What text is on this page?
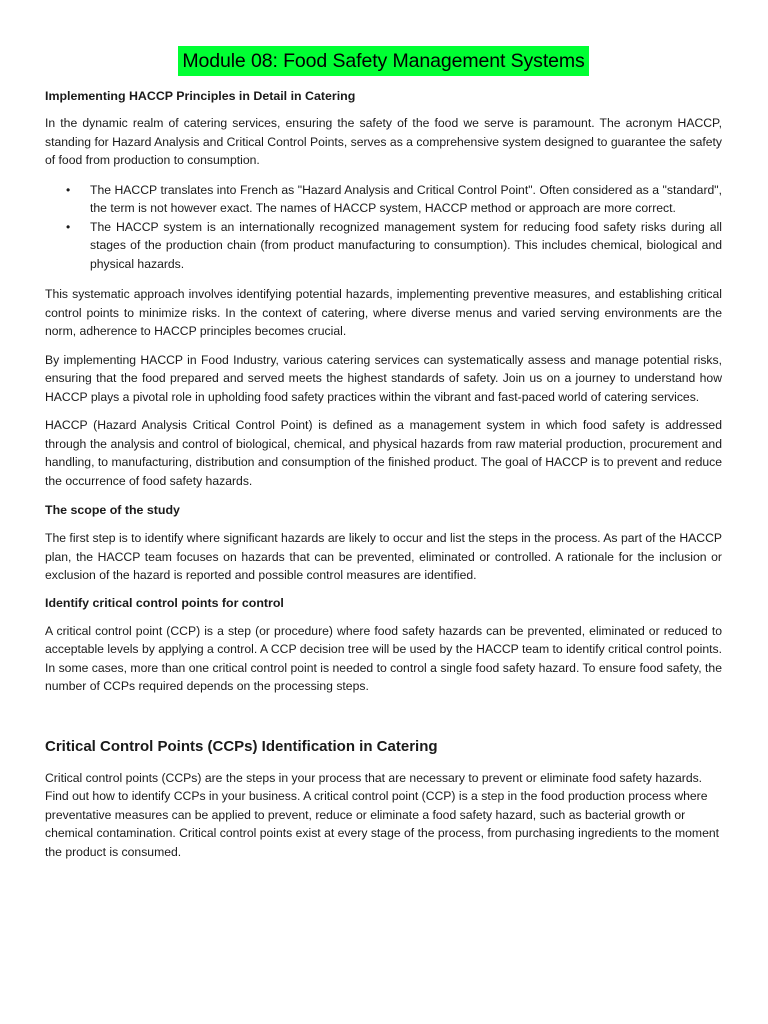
Module 08: Food Safety Management Systems

Implementing HACCP Principles in Detail in Catering

In the dynamic realm of catering services, ensuring the safety of the food we serve is paramount. The acronym HACCP, standing for Hazard Analysis and Critical Control Points, serves as a comprehensive system designed to guarantee the safety of food from production to consumption.

• The HACCP translates into French as "Hazard Analysis and Critical Control Point". Often considered as a "standard", the term is not however exact. The names of HACCP system, HACCP method or approach are more correct.
• The HACCP system is an internationally recognized management system for reducing food safety risks during all stages of the production chain (from product manufacturing to consumption). This includes chemical, biological and physical hazards.

This systematic approach involves identifying potential hazards, implementing preventive measures, and establishing critical control points to minimize risks. In the context of catering, where diverse menus and varied serving environments are the norm, adherence to HACCP principles becomes crucial.

By implementing HACCP in Food Industry, various catering services can systematically assess and manage potential risks, ensuring that the food prepared and served meets the highest standards of safety. Join us on a journey to understand how HACCP plays a pivotal role in upholding food safety practices within the vibrant and fast-paced world of catering services.

HACCP (Hazard Analysis Critical Control Point) is defined as a management system in which food safety is addressed through the analysis and control of biological, chemical, and physical hazards from raw material production, procurement and handling, to manufacturing, distribution and consumption of the finished product. The goal of HACCP is to prevent and reduce the occurrence of food safety hazards.

The scope of the study

The first step is to identify where significant hazards are likely to occur and list the steps in the process. As part of the HACCP plan, the HACCP team focuses on hazards that can be prevented, eliminated or controlled. A rationale for the inclusion or exclusion of the hazard is reported and possible control measures are identified.

Identify critical control points for control

A critical control point (CCP) is a step (or procedure) where food safety hazards can be prevented, eliminated or reduced to acceptable levels by applying a control. A CCP decision tree will be used by the HACCP team to identify critical control points. In some cases, more than one critical control point is needed to control a single food safety hazard. To ensure food safety, the number of CCPs required depends on the processing steps.

Critical Control Points (CCPs) Identification in Catering

Critical control points (CCPs) are the steps in your process that are necessary to prevent or eliminate food safety hazards. Find out how to identify CCPs in your business. A critical control point (CCP) is a step in the food production process where preventative measures can be applied to prevent, reduce or eliminate a food safety hazard, such as bacterial growth or chemical contamination. Critical control points exist at every stage of the process, from purchasing ingredients to the moment the product is consumed.
